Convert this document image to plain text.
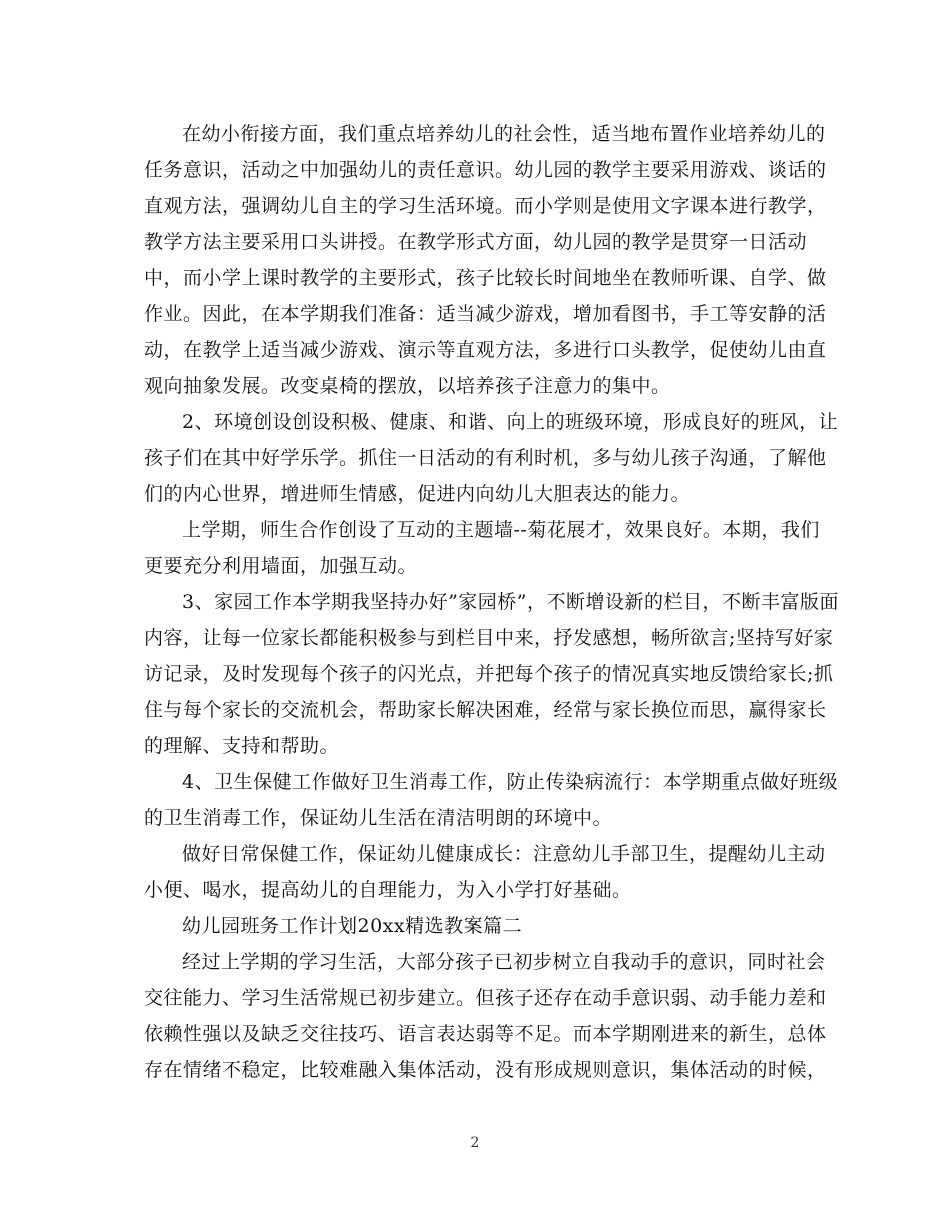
在幼小衔接方面，我们重点培养幼儿的社会性，适当地布置作业培养幼儿的
任务意识，活动之中加强幼儿的责任意识。幼儿园的教学主要采用游戏、谈话的
直观方法，强调幼儿自主的学习生活环境。而小学则是使用文字课本进行教学，
教学方法主要采用口头讲授。在教学形式方面，幼儿园的教学是贯穿一日活动
中，而小学上课时教学的主要形式，孩子比较长时间地坐在教师听课、自学、做
作业。因此，在本学期我们准备：适当减少游戏，增加看图书，手工等安静的活
动，在教学上适当减少游戏、演示等直观方法，多进行口头教学，促使幼儿由直
观向抽象发展。改变桌椅的摆放，以培养孩子注意力的集中。

2、环境创设创设积极、健康、和谐、向上的班级环境，形成良好的班风，让
孩子们在其中好学乐学。抓住一日活动的有利时机，多与幼儿孩子沟通，了解他
们的内心世界，增进师生情感，促进内向幼儿大胆表达的能力。

上学期，师生合作创设了互动的主题墙--菊花展才，效果良好。本期，我们
更要充分利用墙面，加强互动。

3、家园工作本学期我坚持办好”家园桥”，不断增设新的栏目，不断丰富版面
内容，让每一位家长都能积极参与到栏目中来，抒发感想，畅所欲言;坚持写好家
访记录，及时发现每个孩子的闪光点，并把每个孩子的情况真实地反馈给家长;抓
住与每个家长的交流机会，帮助家长解决困难，经常与家长换位而思，赢得家长
的理解、支持和帮助。

4、卫生保健工作做好卫生消毒工作，防止传染病流行：本学期重点做好班级
的卫生消毒工作，保证幼儿生活在清洁明朗的环境中。

做好日常保健工作，保证幼儿健康成长：注意幼儿手部卫生，提醒幼儿主动
小便、喝水，提高幼儿的自理能力，为入小学打好基础。

幼儿园班务工作计划20xx精选教案篇二

经过上学期的学习生活，大部分孩子已初步树立自我动手的意识，同时社会
交往能力、学习生活常规已初步建立。但孩子还存在动手意识弱、动手能力差和
依赖性强以及缺乏交往技巧、语言表达弱等不足。而本学期刚进来的新生，总体
存在情绪不稳定，比较难融入集体活动，没有形成规则意识，集体活动的时候，

2
